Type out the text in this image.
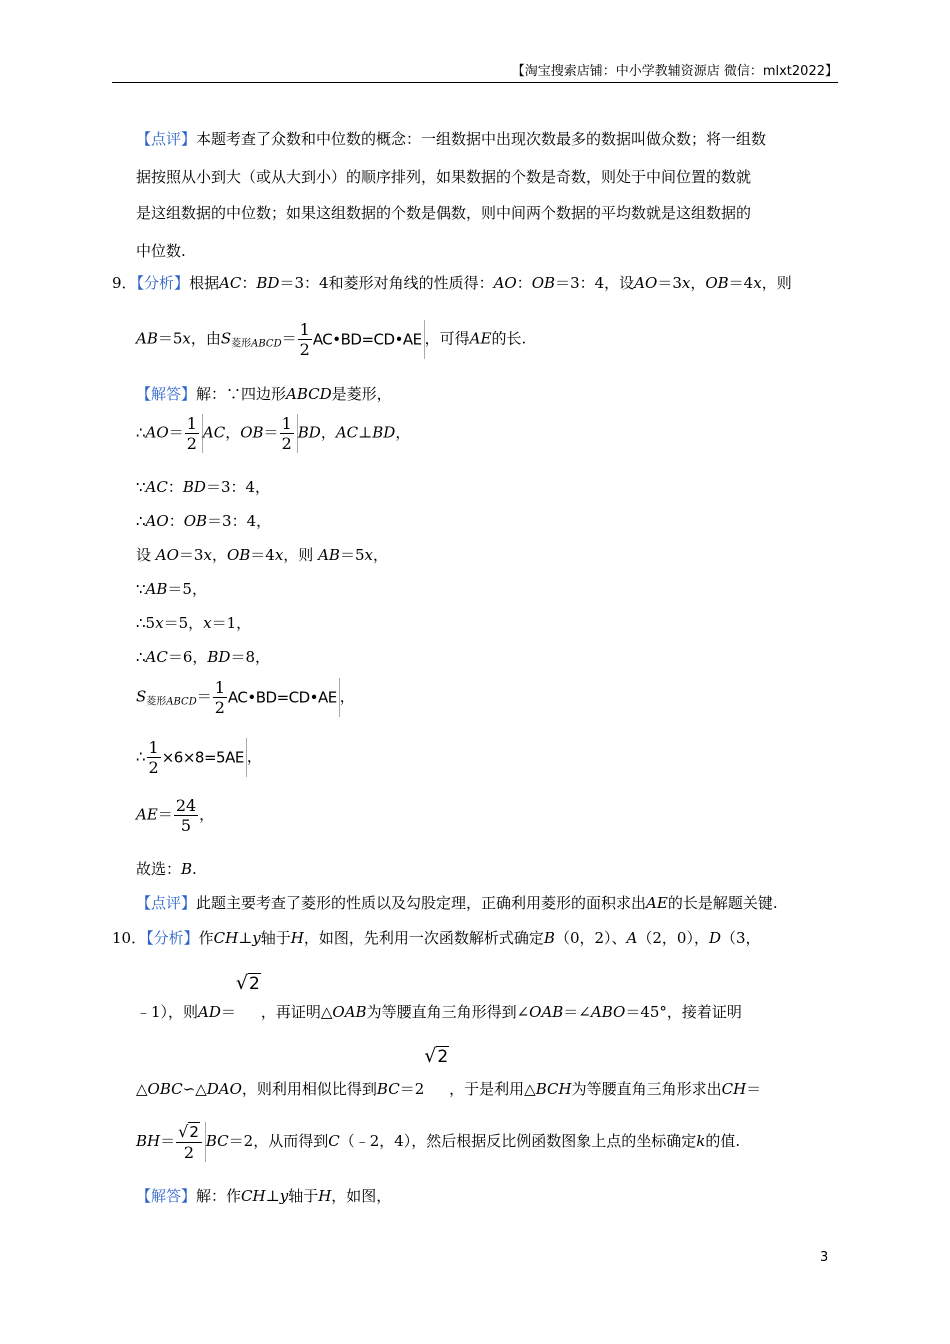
【淘宝搜索店铺：中小学教辅资源店 微信：mlxt2022】
【点评】本题考查了众数和中位数的概念：一组数据中出现次数最多的数据叫做众数；将一组数
据按照从小到大（或从大到小）的顺序排列，如果数据的个数是奇数，则处于中间位置的数就
是这组数据的中位数；如果这组数据的个数是偶数，则中间两个数据的平均数就是这组数据的
中位数.
9．【分析】根据AC：BD＝3：4和菱形对角线的性质得：AO：OB＝3：4，设AO＝3x，OB＝4x，则
AB＝5x，由$S_{菱形ABCD}= \frac{1}{2}$ AC•BD=CD•AE ，可得AE的长.
【解答】解：∵四边形ABCD是菱形，
∴AO＝ $\frac{1}{2}$ AC，$OB= \frac{1}{2}$ BD，AC⊥BD，
∵AC：BD＝3：4，
∴AO：OB＝3：4，
设 AO＝3x，OB＝4x，则 AB＝5x，
∵AB＝5，
∴5x＝5，x＝1，
∴AC＝6，BD＝8，
$S_{菱形ABCD}= \frac{1}{2}$ AC•BD=CD•AE ，
∴ $\frac{1}{2} \times 6\times 8=5AE$ ，
$AE= \frac{24}{5}$ ，
故选：B.
【点评】此题主要考查了菱形的性质以及勾股定理，正确利用菱形的面积求出AE的长是解题关键.
10．【分析】作CH⊥y轴于H，如图，先利用一次函数解析式确定B（0，2）、A（2，0），D（3，
﹣1），则AD＝√2，再证明△OAB为等腰直角三角形得到∠OAB＝∠ABO＝45°，接着证明
△OBC∽△DAO，则利用相似比得到BC＝2√2，于是利用△BCH为等腰直角三角形求出CH＝
$BH= \frac{√2}{2} BC=2$，从而得到C（﹣2，4），然后根据反比例函数图象上点的坐标确定k的值.
【解答】解：作CH⊥y轴于H，如图，
3
